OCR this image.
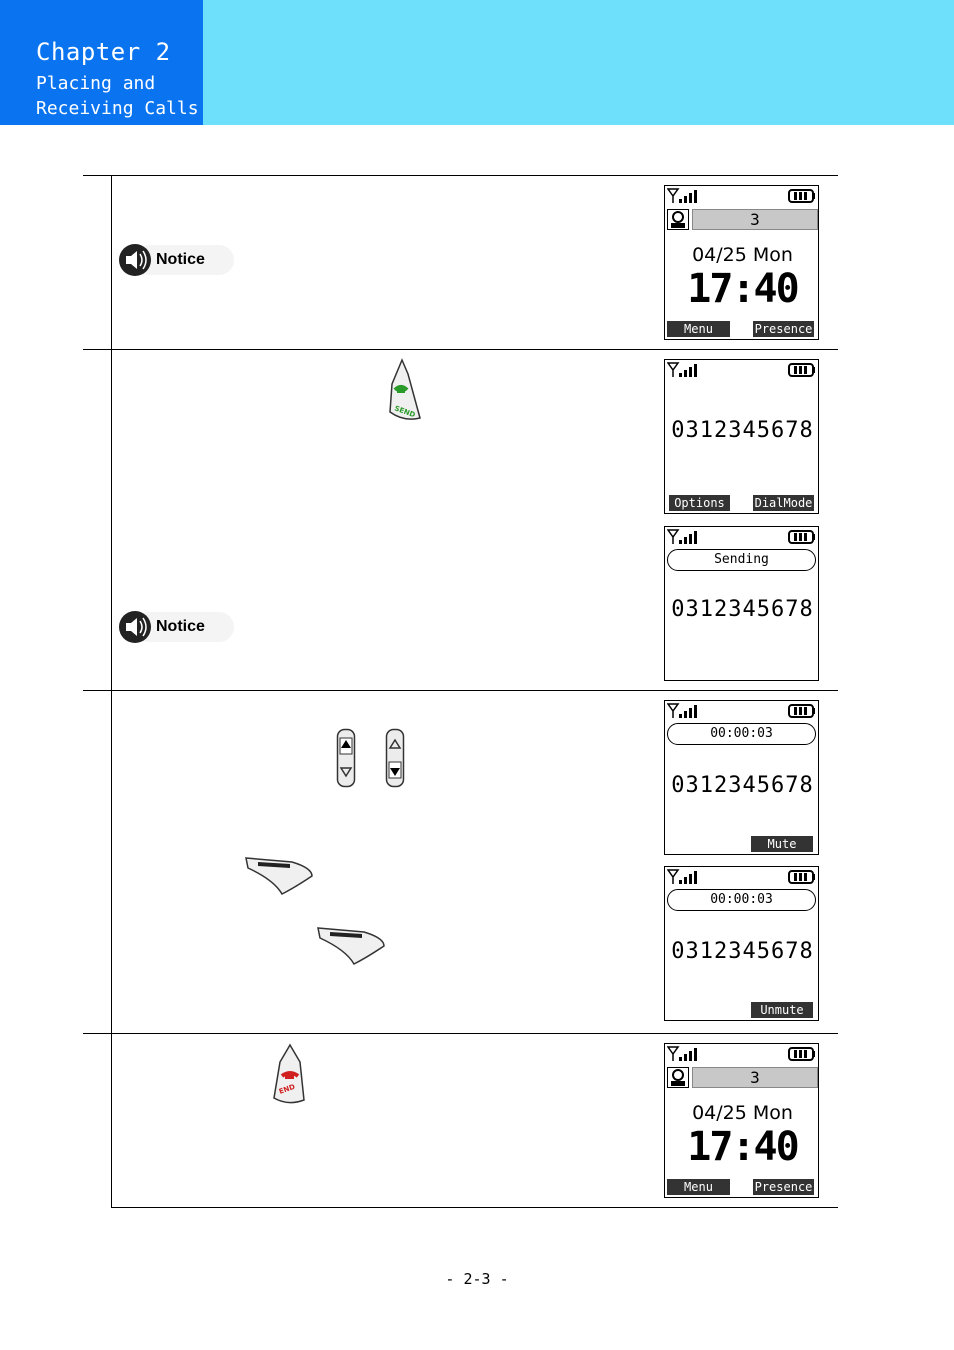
Chapter 2
Placing and
Receiving Calls
Notice
Notice
SEND
END
3
04/25 Mon
17:40
Menu	Presence
0312345678
Options	DialMode
Sending
0312345678
00:00:03
0312345678
Mute
00:00:03
0312345678
Unmute
3
04/25 Mon
17:40
Menu	Presence
- 2-3 -
